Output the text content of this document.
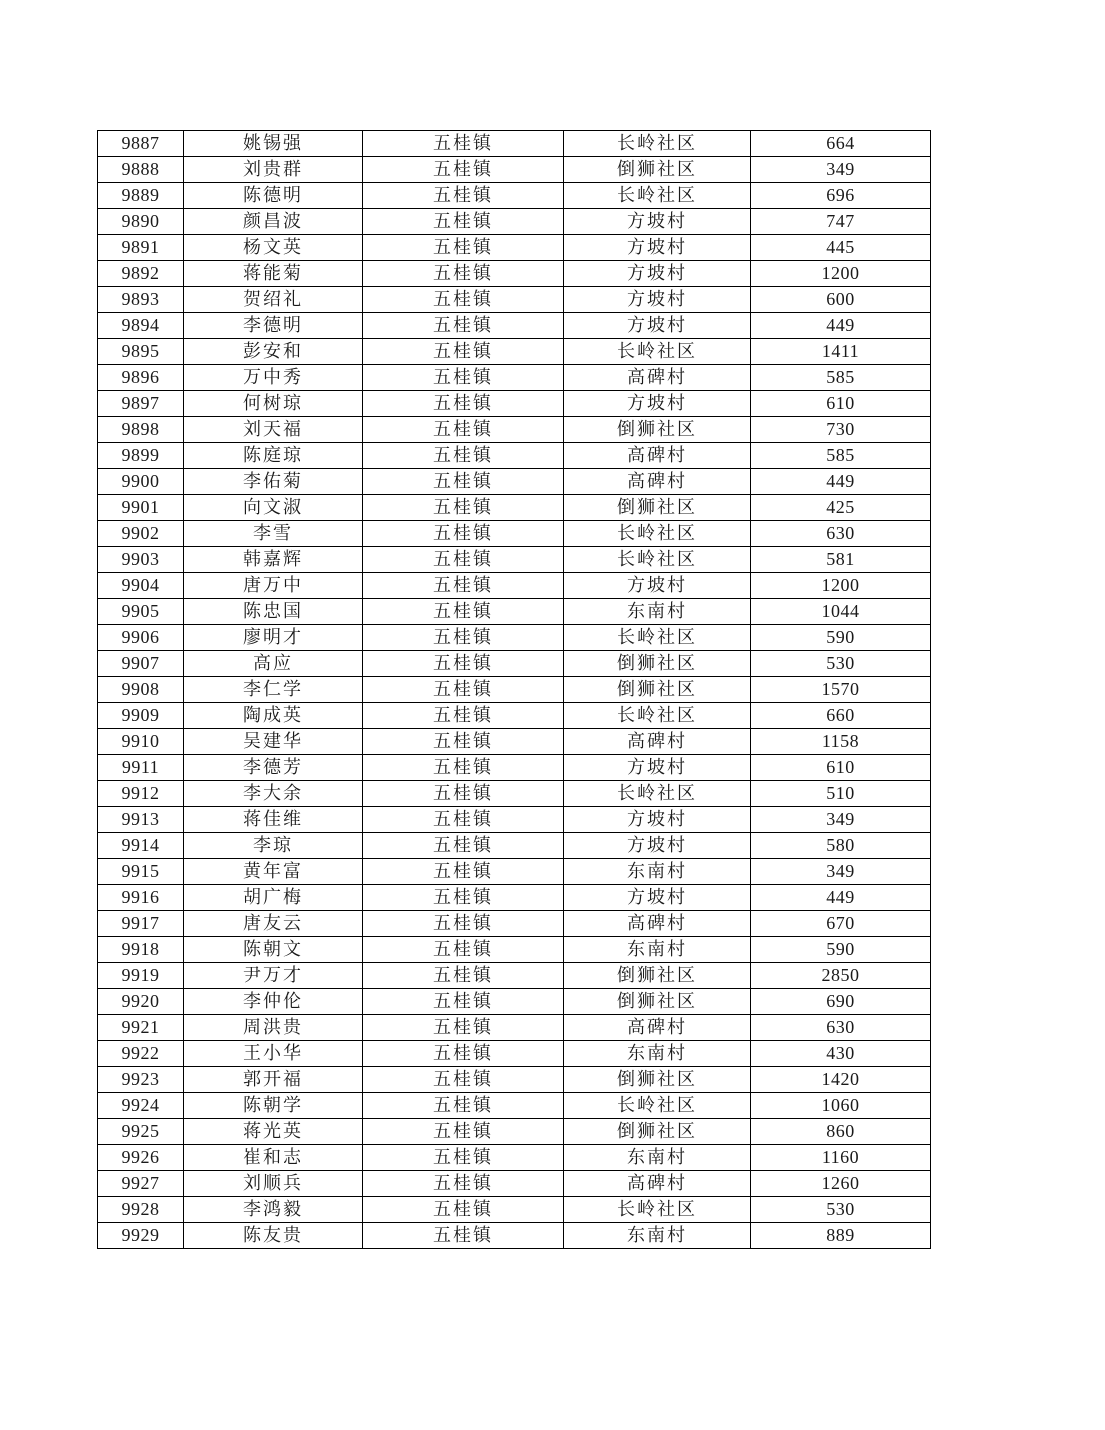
9887	姚锡强	五桂镇	长岭社区	664
9888	刘贵群	五桂镇	倒狮社区	349
9889	陈德明	五桂镇	长岭社区	696
9890	颜昌波	五桂镇	方坡村	747
9891	杨文英	五桂镇	方坡村	445
9892	蒋能菊	五桂镇	方坡村	1200
9893	贺绍礼	五桂镇	方坡村	600
9894	李德明	五桂镇	方坡村	449
9895	彭安和	五桂镇	长岭社区	1411
9896	万中秀	五桂镇	高碑村	585
9897	何树琼	五桂镇	方坡村	610
9898	刘天福	五桂镇	倒狮社区	730
9899	陈庭琼	五桂镇	高碑村	585
9900	李佑菊	五桂镇	高碑村	449
9901	向文淑	五桂镇	倒狮社区	425
9902	李雪	五桂镇	长岭社区	630
9903	韩嘉辉	五桂镇	长岭社区	581
9904	唐万中	五桂镇	方坡村	1200
9905	陈忠国	五桂镇	东南村	1044
9906	廖明才	五桂镇	长岭社区	590
9907	高应	五桂镇	倒狮社区	530
9908	李仁学	五桂镇	倒狮社区	1570
9909	陶成英	五桂镇	长岭社区	660
9910	吴建华	五桂镇	高碑村	1158
9911	李德芳	五桂镇	方坡村	610
9912	李大余	五桂镇	长岭社区	510
9913	蒋佳维	五桂镇	方坡村	349
9914	李琼	五桂镇	方坡村	580
9915	黄年富	五桂镇	东南村	349
9916	胡广梅	五桂镇	方坡村	449
9917	唐友云	五桂镇	高碑村	670
9918	陈朝文	五桂镇	东南村	590
9919	尹万才	五桂镇	倒狮社区	2850
9920	李仲伦	五桂镇	倒狮社区	690
9921	周洪贵	五桂镇	高碑村	630
9922	王小华	五桂镇	东南村	430
9923	郭开福	五桂镇	倒狮社区	1420
9924	陈朝学	五桂镇	长岭社区	1060
9925	蒋光英	五桂镇	倒狮社区	860
9926	崔和志	五桂镇	东南村	1160
9927	刘顺兵	五桂镇	高碑村	1260
9928	李鸿毅	五桂镇	长岭社区	530
9929	陈友贵	五桂镇	东南村	889
